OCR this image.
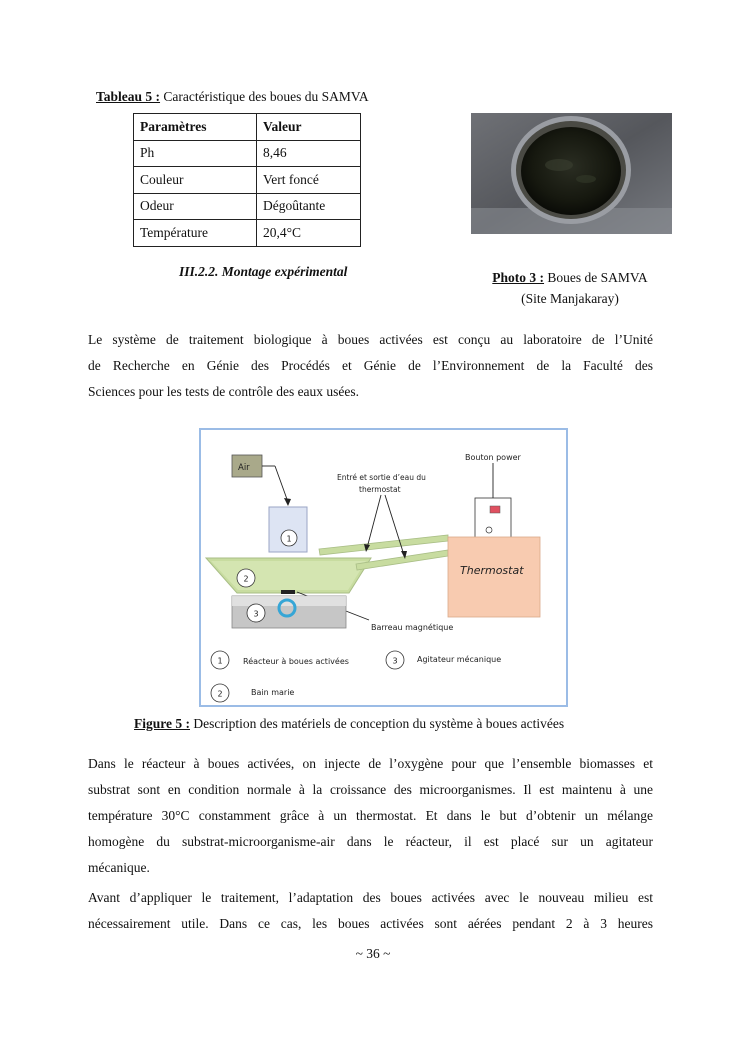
Tableau 5 : Caractéristique des boues du SAMVA
Paramètres	Valeur
Ph	8,46
Couleur	Vert foncé
Odeur	Dégoûtante
Température	20,4°C
III.2.2. Montage expérimental	Photo 3 : Boues de SAMVA
(Site Manjakaray)

Le système de traitement biologique à boues activées est conçu au laboratoire de l’Unité

de Recherche en Génie des Procédés et Génie de l’Environnement de la Faculté des

Sciences pour les tests de contrôle des eaux usées.

Air
1
2
Entré et sortie d’eau du
thermostat
Bouton power
Thermostat
Barreau magnétique
3
1	Réacteur à boues activées	3 Agitateur mécanique
2	Bain marie
Figure 5 : Description des matériels de conception du système à boues activées

Dans le réacteur à boues activées, on injecte de l’oxygène pour que l’ensemble biomasses et

substrat sont en condition normale à la croissance des microorganismes. Il est maintenu à une

température 30°C constamment grâce à un thermostat. Et dans le but d’obtenir un mélange

homogène du substrat-microorganisme-air dans le réacteur, il est placé sur un agitateur

mécanique.

Avant d’appliquer le traitement, l’adaptation des boues activées avec le nouveau milieu est

nécessairement utile. Dans ce cas, les boues activées sont aérées pendant 2 à 3 heures

~ 36 ~
